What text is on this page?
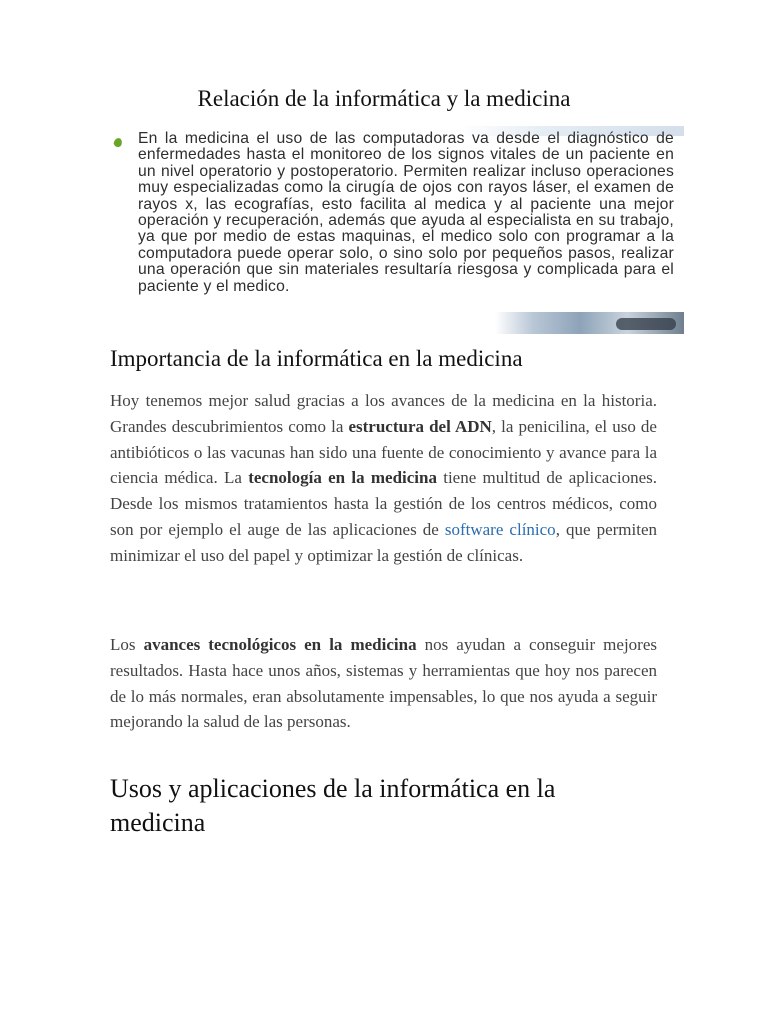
Relación de la informática y la medicina

En la medicina el uso de las computadoras va desde el diagnóstico de enfermedades hasta el monitoreo de los signos vitales de un paciente en un nivel operatorio y postoperatorio. Permiten realizar incluso operaciones muy especializadas como la cirugía de ojos con rayos láser, el examen de rayos x, las ecografías, esto facilita al medica y al paciente una mejor operación y recuperación, además que ayuda al especialista en su trabajo, ya que por medio de estas maquinas, el medico solo con programar a la computadora puede operar solo, o sino solo por pequeños pasos, realizar una operación que sin materiales resultaría riesgosa y complicada para el paciente y el medico.

Importancia de la informática en la medicina

Hoy tenemos mejor salud gracias a los avances de la medicina en la historia. Grandes descubrimientos como la estructura del ADN, la penicilina, el uso de antibióticos o las vacunas han sido una fuente de conocimiento y avance para la ciencia médica. La tecnología en la medicina tiene multitud de aplicaciones. Desde los mismos tratamientos hasta la gestión de los centros médicos, como son por ejemplo el auge de las aplicaciones de software clínico, que permiten minimizar el uso del papel y optimizar la gestión de clínicas.

Los avances tecnológicos en la medicina nos ayudan a conseguir mejores resultados. Hasta hace unos años, sistemas y herramientas que hoy nos parecen de lo más normales, eran absolutamente impensables, lo que nos ayuda a seguir mejorando la salud de las personas.

Usos y aplicaciones de la informática en la medicina
